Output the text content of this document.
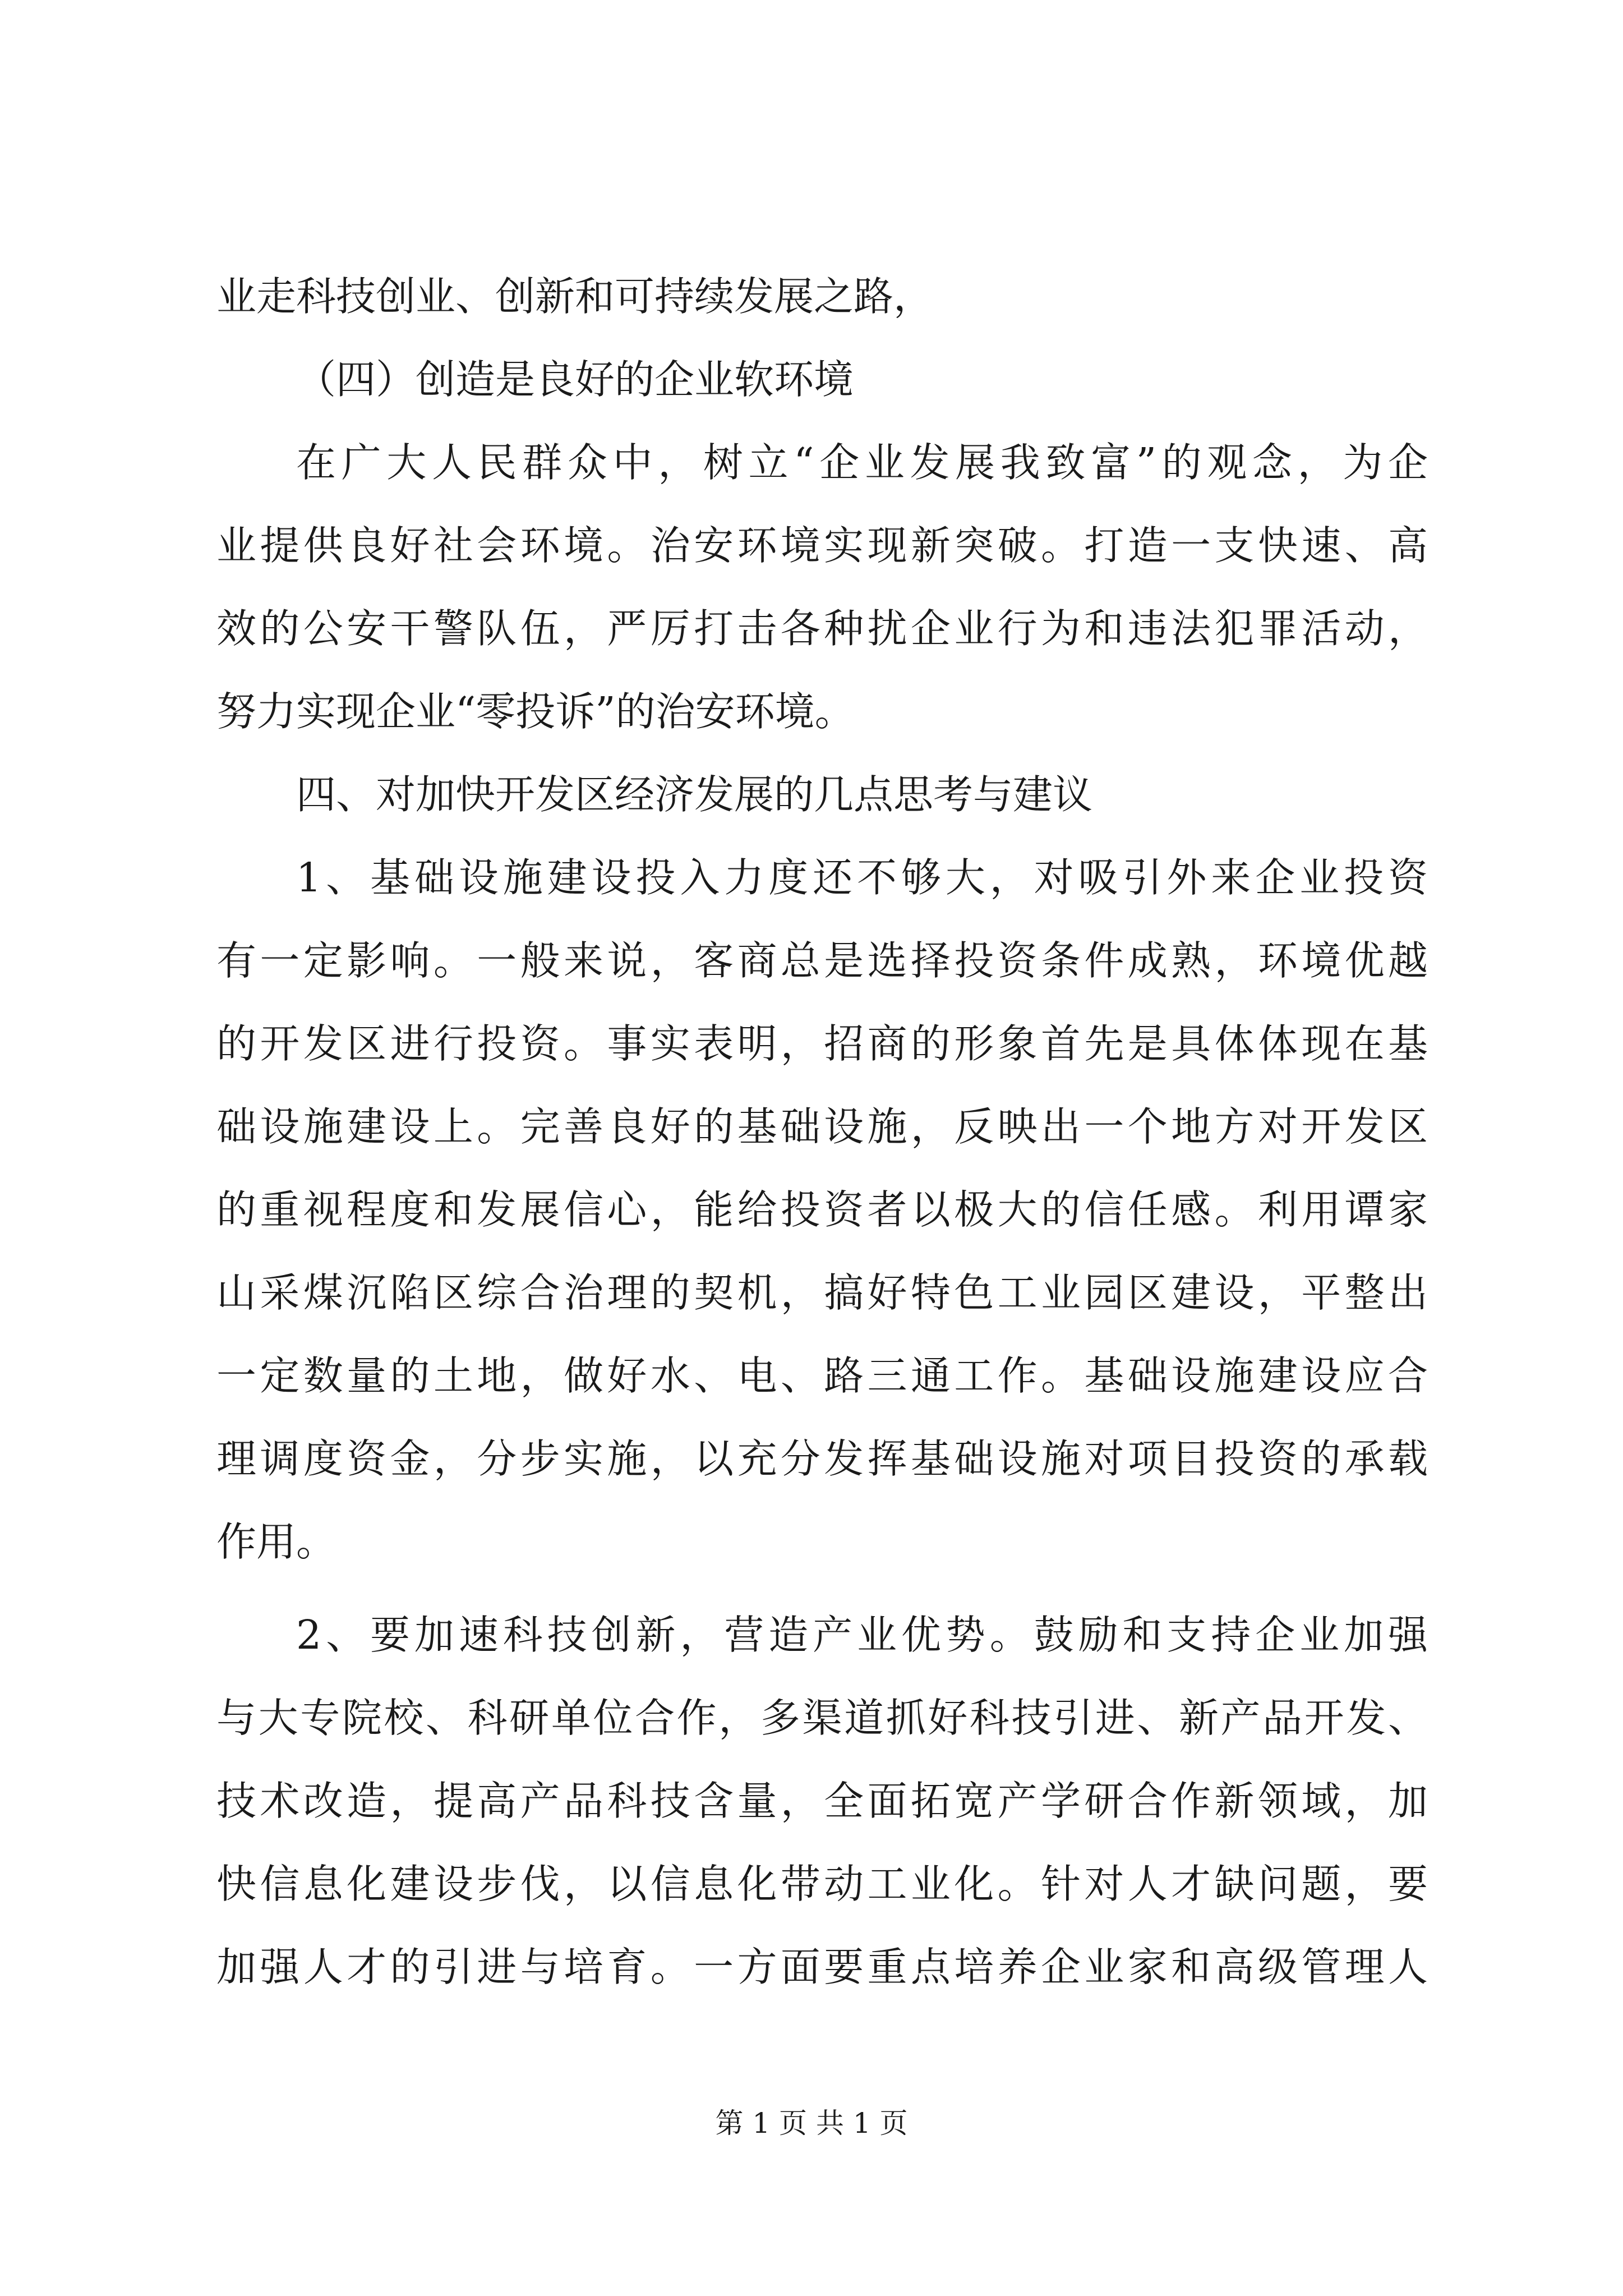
业走科技创业、创新和可持续发展之路，
（四）创造是良好的企业软环境
在广大人民群众中，树立“企业发展我致富”的观念，为企
业提供良好社会环境。治安环境实现新突破。打造一支快速、高
效的公安干警队伍，严厉打击各种扰企业行为和违法犯罪活动，
努力实现企业“零投诉”的治安环境。
四、对加快开发区经济发展的几点思考与建议
1、基础设施建设投入力度还不够大，对吸引外来企业投资
有一定影响。一般来说，客商总是选择投资条件成熟，环境优越
的开发区进行投资。事实表明，招商的形象首先是具体体现在基
础设施建设上。完善良好的基础设施，反映出一个地方对开发区
的重视程度和发展信心，能给投资者以极大的信任感。利用谭家
山采煤沉陷区综合治理的契机，搞好特色工业园区建设，平整出
一定数量的土地，做好水、电、路三通工作。基础设施建设应合
理调度资金，分步实施，以充分发挥基础设施对项目投资的承载
作用。
2、要加速科技创新，营造产业优势。鼓励和支持企业加强
与大专院校、科研单位合作，多渠道抓好科技引进、新产品开发、
技术改造，提高产品科技含量，全面拓宽产学研合作新领域，加
快信息化建设步伐，以信息化带动工业化。针对人才缺问题，要
加强人才的引进与培育。一方面要重点培养企业家和高级管理人
第 1 页 共 1 页
